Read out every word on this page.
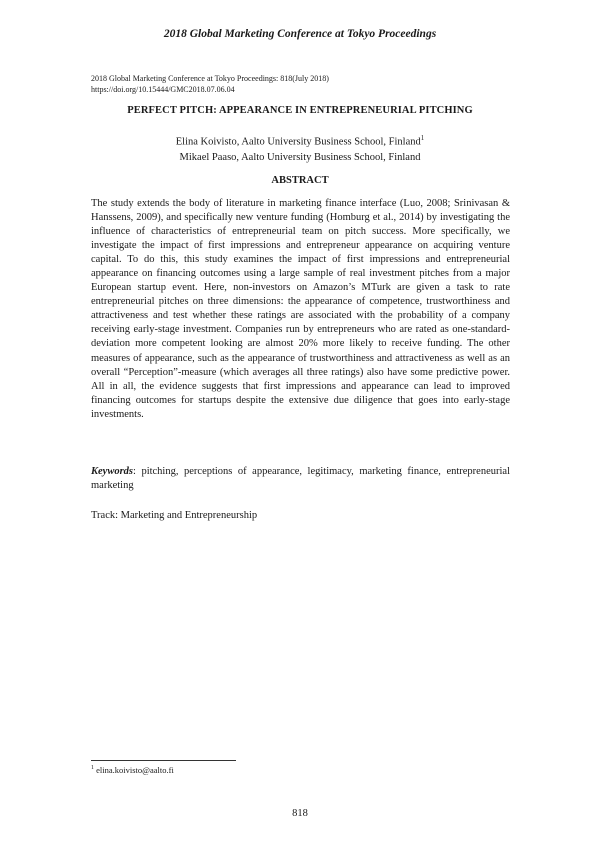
2018 Global Marketing Conference at Tokyo Proceedings
2018 Global Marketing Conference at Tokyo Proceedings: 818(July 2018)
https://doi.org/10.15444/GMC2018.07.06.04
PERFECT PITCH: APPEARANCE IN ENTREPRENEURIAL PITCHING
Elina Koivisto, Aalto University Business School, Finland$^1$
Mikael Paaso, Aalto University Business School, Finland
ABSTRACT
The study extends the body of literature in marketing finance interface (Luo, 2008; Srinivasan & Hanssens, 2009), and specifically new venture funding (Homburg et al., 2014) by investigating the influence of characteristics of entrepreneurial team on pitch success. More specifically, we investigate the impact of first impressions and entrepreneur appearance on acquiring venture capital. To do this, this study examines the impact of first impressions and entrepreneurial appearance on financing outcomes using a large sample of real investment pitches from a major European startup event. Here, non-investors on Amazon’s MTurk are given a task to rate entrepreneurial pitches on three dimensions: the appearance of competence, trustworthiness and attractiveness and test whether these ratings are associated with the probability of a company receiving early-stage investment. Companies run by entrepreneurs who are rated as one-standard-deviation more competent looking are almost 20% more likely to receive funding. The other measures of appearance, such as the appearance of trustworthiness and attractiveness as well as an overall “Perception”-measure (which averages all three ratings) also have some predictive power. All in all, the evidence suggests that first impressions and appearance can lead to improved financing outcomes for startups despite the extensive due diligence that goes into early-stage investments.
Keywords: pitching, perceptions of appearance, legitimacy, marketing finance, entrepreneurial marketing
Track: Marketing and Entrepreneurship
$^1$ elina.koivisto@aalto.fi
818
